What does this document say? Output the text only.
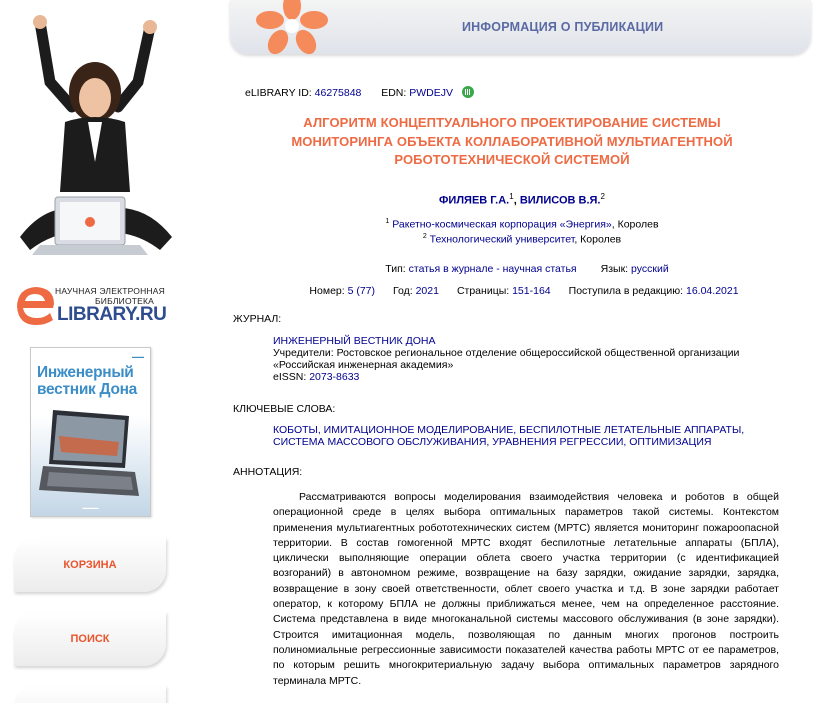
НАУЧНАЯ ЭЛЕКТРОННАЯ
БИБЛИОТЕКА
LIBRARY.RU
▬▬▬
Инженерный вестник Дона
▬▬▬▬
КОРЗИНА
ПОИСК
ИНФОРМАЦИЯ О ПУБЛИКАЦИИ
eLIBRARY ID: 46275848 EDN: PWDEJV
АЛГОРИТМ КОНЦЕПТУАЛЬНОГО ПРОЕКТИРОВАНИЕ СИСТЕМЫ МОНИТОРИНГА ОБЪЕКТА КОЛЛАБОРАТИВНОЙ МУЛЬТИАГЕНТНОЙ РОБОТОТЕХНИЧЕСКОЙ СИСТЕМОЙ
ФИЛЯЕВ Г.А.$^1$, ВИЛИСОВ В.Я.$^2$
$^1$ Ракетно-космическая корпорация «Энергия», Королев
$^2$ Технологический университет, Королев
Тип: статья в журнале - научная статья Язык: русский
Номер: 5 (77) Год: 2021 Страницы: 151-164 Поступила в редакцию: 16.04.2021
ЖУРНАЛ:
ИНЖЕНЕРНЫЙ ВЕСТНИК ДОНА
Учредители: Ростовское региональное отделение общероссийской общественной организации «Российская инженерная академия»
eISSN: 2073-8633
КЛЮЧЕВЫЕ СЛОВА:
КОБОТЫ, ИМИТАЦИОННОЕ МОДЕЛИРОВАНИЕ, БЕСПИЛОТНЫЕ ЛЕТАТЕЛЬНЫЕ АППАРАТЫ, СИСТЕМА МАССОВОГО ОБСЛУЖИВАНИЯ, УРАВНЕНИЯ РЕГРЕССИИ, ОПТИМИЗАЦИЯ
АННОТАЦИЯ:
Рассматриваются вопросы моделирования взаимодействия человека и роботов в общей операционной среде в целях выбора оптимальных параметров такой системы. Контекстом применения мультиагентных робототехнических систем (МРТС) является мониторинг пожароопасной территории. В состав гомогенной МРТС входят беспилотные летательные аппараты (БПЛА), циклически выполняющие операции облета своего участка территории (с идентификацией возгораний) в автономном режиме, возвращение на базу зарядки, ожидание зарядки, зарядка, возвращение в зону своей ответственности, облет своего участка и т.д. В зоне зарядки работает оператор, к которому БПЛА не должны приближаться менее, чем на определенное расстояние. Система представлена в виде многоканальной системы массового обслуживания (в зоне зарядки). Строится имитационная модель, позволяющая по данным многих прогонов построить полиномиальные регрессионные зависимости показателей качества работы МРТС от ее параметров, по которым решить многокритериальную задачу выбора оптимальных параметров зарядного терминала МРТС.
